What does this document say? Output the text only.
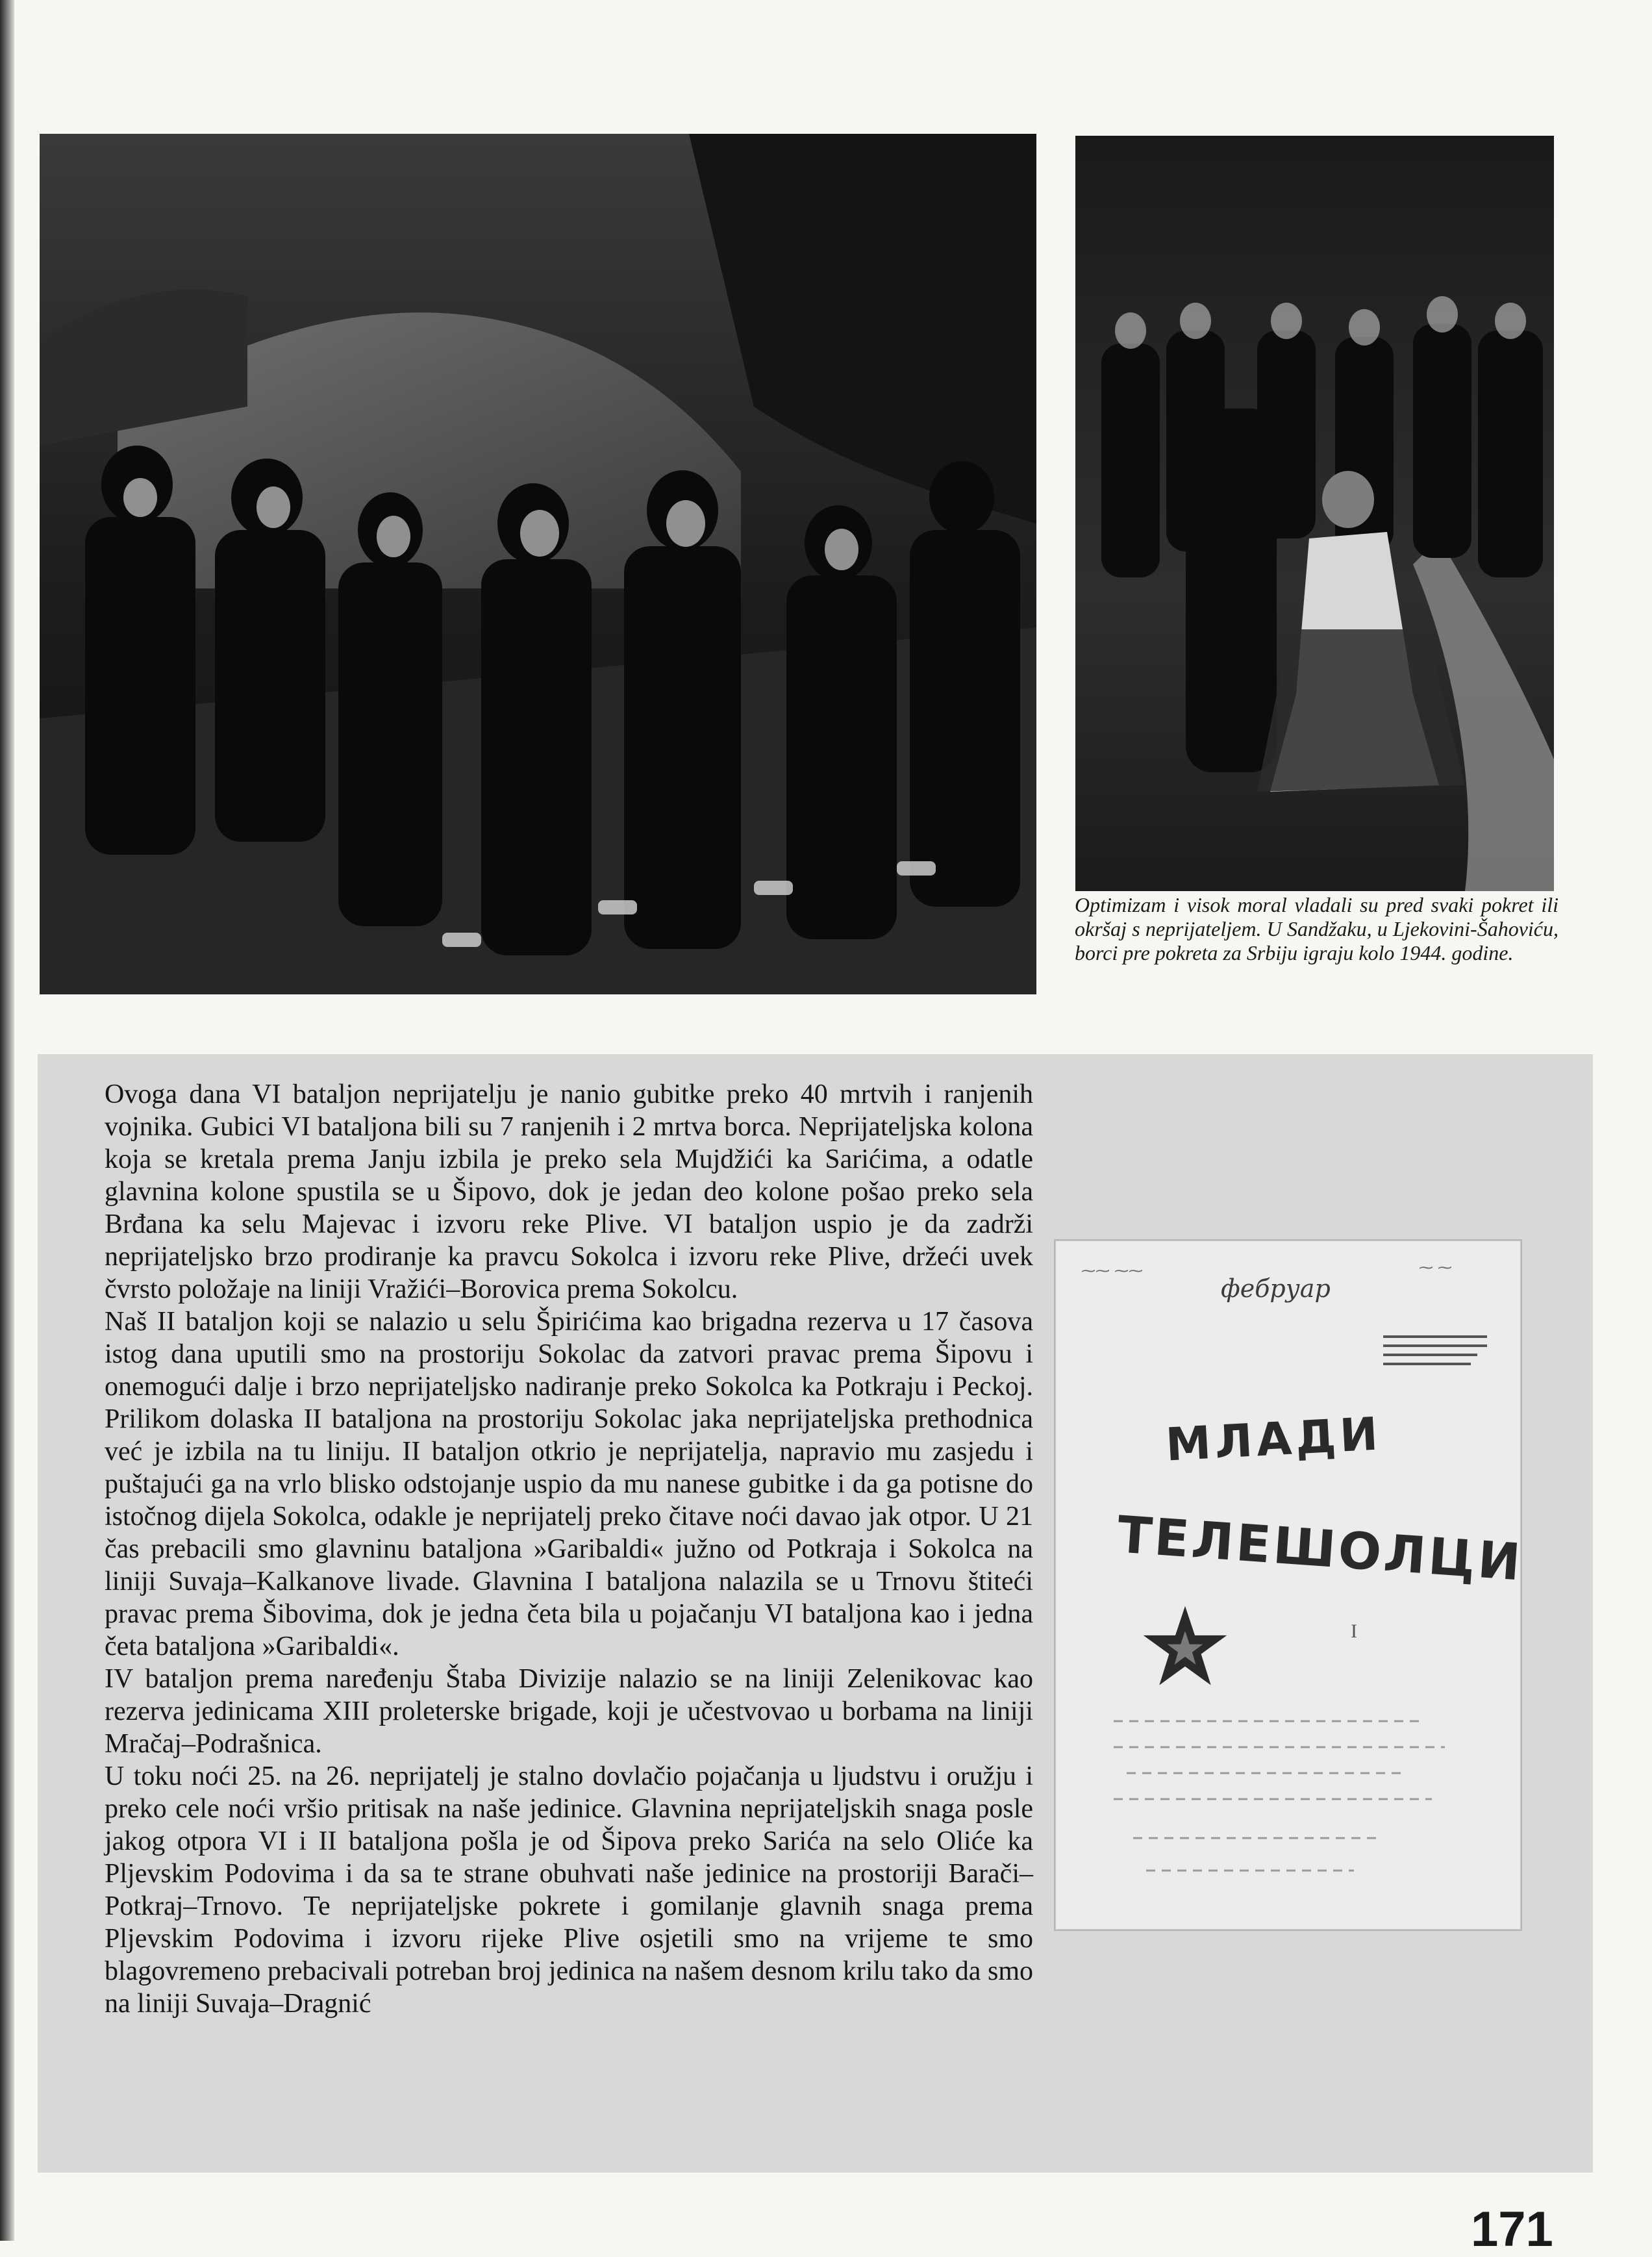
Optimizam i visok moral vladali su pred svaki pokret ili okršaj s neprijateljem. U Sandžaku, u Ljekovini-Šahoviću, borci pre pokreta za Srbiju igraju kolo 1944. godine.

Ovoga dana VI bataljon neprijatelju je nanio gubitke preko 40 mrtvih i ranjenih vojnika. Gubici VI bataljona bili su 7 ranjenih i 2 mrtva borca. Neprijateljska kolona koja se kretala prema Janju izbila je preko sela Mujdžići ka Sarićima, a odatle glavnina kolone spustila se u Šipovo, dok je jedan deo kolone pošao preko sela Brđana ka selu Majevac i izvoru reke Plive. VI bataljon uspio je da zadrži neprijateljsko brzo prodiranje ka pravcu Sokolca i izvoru reke Plive, držeći uvek čvrsto položaje na liniji Vražići–Borovica prema Sokolcu.

Naš II bataljon koji se nalazio u selu Špirićima kao brigadna rezerva u 17 časova istog dana uputili smo na prostoriju Sokolac da zatvori pravac prema Šipovu i onemogući dalje i brzo neprijateljsko nadiranje preko Sokolca ka Potkraju i Peckoj. Prilikom dolaska II bataljona na prostoriju Sokolac jaka neprijateljska prethodnica već je izbila na tu liniju. II bataljon otkrio je neprijatelja, napravio mu zasjedu i puštajući ga na vrlo blisko odstojanje uspio da mu nanese gubitke i da ga potisne do istočnog dijela Sokolca, odakle je neprijatelj preko čitave noći davao jak otpor. U 21 čas prebacili smo glavninu bataljona »Garibaldi« južno od Potkraja i Sokolca na liniji Suvaja–Kalkanove livade. Glavnina I bataljona nalazila se u Trnovu štiteći pravac prema Šibovima, dok je jedna četa bila u pojačanju VI bataljona kao i jedna četa bataljona »Garibaldi«.

IV bataljon prema naređenju Štaba Divizije nalazio se na liniji Zelenikovac kao rezerva jedinicama XIII proleterske brigade, koji je učestvovao u borbama na liniji Mračaj–Podrašnica.

U toku noći 25. na 26. neprijatelj je stalno dovlačio pojačanja u ljudstvu i oružju i preko cele noći vršio pritisak na naše jedinice. Glavnina neprijateljskih snaga posle jakog otpora VI i II bataljona pošla je od Šipova preko Sarića na selo Oliće ka Pljevskim Podovima i da sa te strane obuhvati naše jedinice na prostoriji Barači–Potkraj–Trnovo. Te neprijateljske pokrete i gomilanje glavnih snaga prema Pljevskim Podovima i izvoru rijeke Plive osjetili smo na vrijeme te smo blagovremeno prebacivali potreban broj jedinica na našem desnom krilu tako da smo na liniji Suvaja–Dragnić

фебруар
⁓⁓ ⁓⁓	⁓ ⁓
МЛАДИ
ТЕЛЕШОЛЦИ
I
171
